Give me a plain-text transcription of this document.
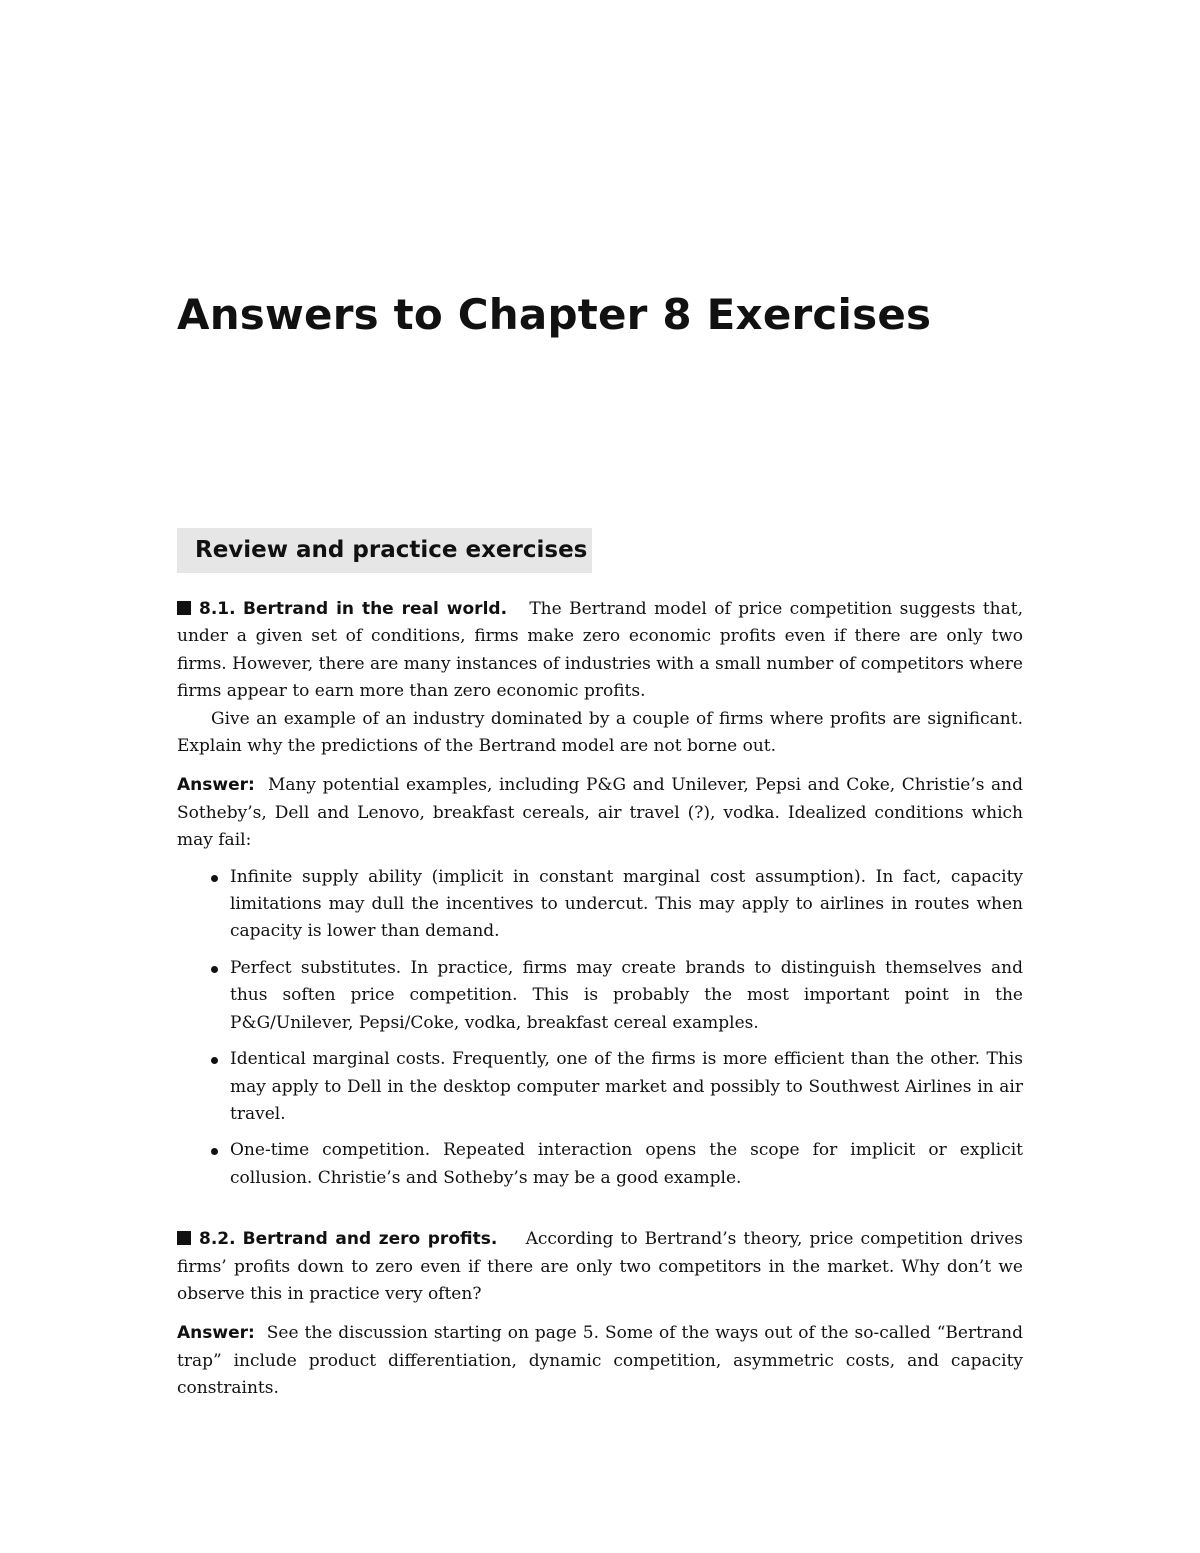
Answers to Chapter 8 Exercises
Review and practice exercises

8.1. Bertrand in the real world. The Bertrand model of price competition suggests that, under a given set of conditions, firms make zero economic profits even if there are only two firms. However, there are many instances of industries with a small number of competitors where firms appear to earn more than zero economic profits.

Give an example of an industry dominated by a couple of firms where profits are significant. Explain why the predictions of the Bertrand model are not borne out.

Answer: Many potential examples, including P&G and Unilever, Pepsi and Coke, Christie’s and Sotheby’s, Dell and Lenovo, breakfast cereals, air travel (?), vodka. Idealized conditions which may fail:

Infinite supply ability (implicit in constant marginal cost assumption). In fact, capacity limitations may dull the incentives to undercut. This may apply to airlines in routes when capacity is lower than demand.
Perfect substitutes. In practice, firms may create brands to distinguish themselves and thus soften price competition. This is probably the most important point in the P&G/Unilever, Pepsi/Coke, vodka, breakfast cereal examples.
Identical marginal costs. Frequently, one of the firms is more efficient than the other. This may apply to Dell in the desktop computer market and possibly to Southwest Airlines in air travel.
One-time competition. Repeated interaction opens the scope for implicit or explicit collusion. Christie’s and Sotheby’s may be a good example.

8.2. Bertrand and zero profits. According to Bertrand’s theory, price competition drives firms’ profits down to zero even if there are only two competitors in the market. Why don’t we observe this in practice very often?

Answer: See the discussion starting on page 5. Some of the ways out of the so-called “Bertrand trap” include product differentiation, dynamic competition, asymmetric costs, and capacity constraints.
